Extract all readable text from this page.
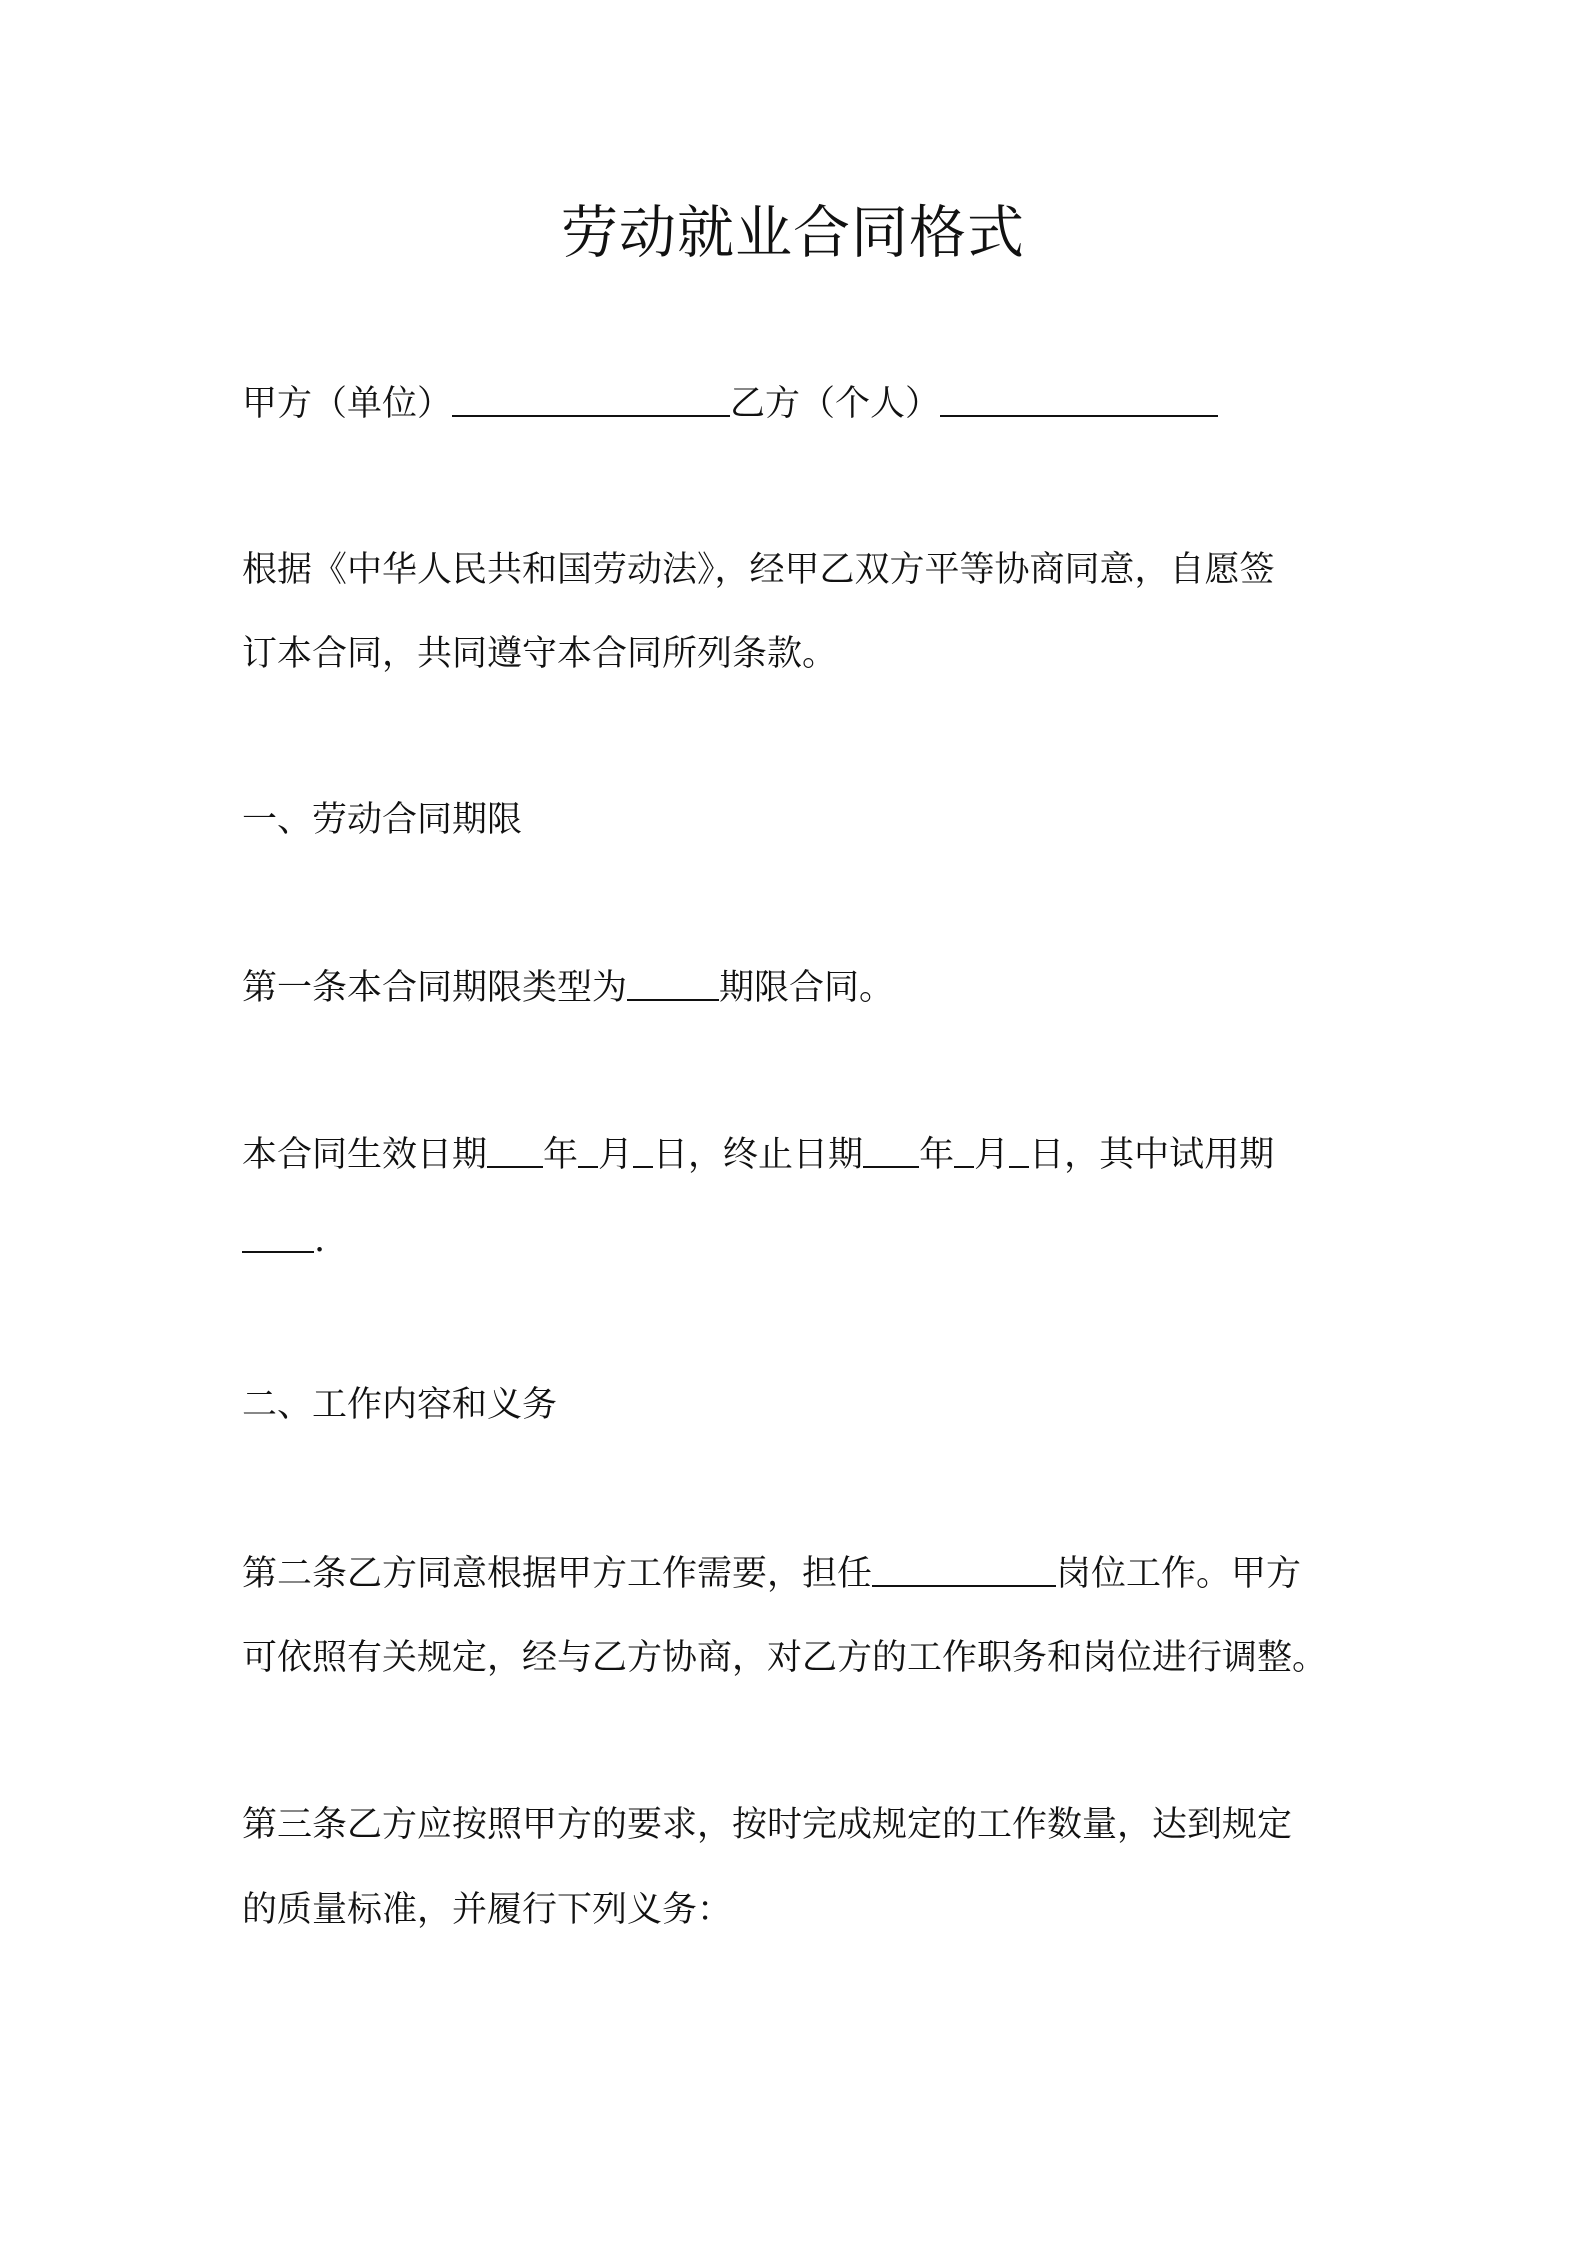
劳动就业合同格式
甲方（单位）	乙方（个人）
根据《中华人民共和国劳动法》，经甲乙双方平等协商同意，自愿签
订本合同，共同遵守本合同所列条款。
一、劳动合同期限
第一条本合同期限类型为	期限合同。
本合同生效日期 年 月 日，终止日期 年 月 日，其中试用期
.
二、工作内容和义务
第二条乙方同意根据甲方工作需要，担任	岗位工作。甲方
可依照有关规定，经与乙方协商，对乙方的工作职务和岗位进行调整。
第三条乙方应按照甲方的要求，按时完成规定的工作数量，达到规定
的质量标准，并履行下列义务：
